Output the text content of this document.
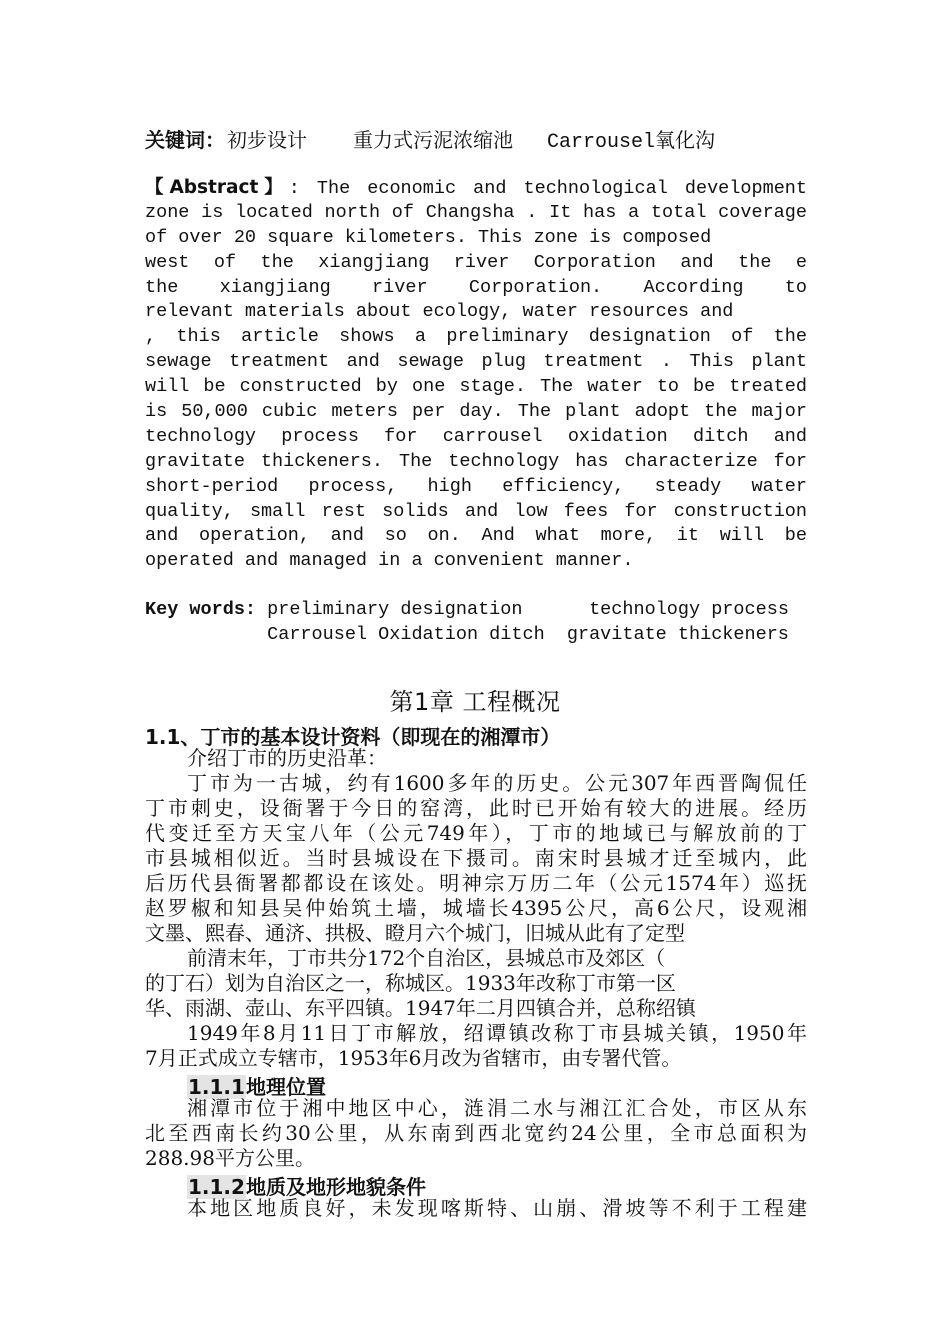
关键词： 初步设计 重力式污泥浓缩池 Carrousel氧化沟
【Abstract】: The economic and technological development
zone is located north of Changsha . It has a total coverage
of over 20 square kilometers. This zone is composed
west of the xiangjiang river Corporation and the e
the xiangjiang river Corporation. According to
relevant materials about ecology, water resources and
, this article shows a preliminary designation of the
sewage treatment and sewage plug treatment . This plant
will be constructed by one stage. The water to be treated
is 50,000 cubic meters per day. The plant adopt the major
technology process for carrousel oxidation ditch and
gravitate thickeners. The technology has characterize for
short-period process, high efficiency, steady water
quality, small rest solids and low fees for construction
and operation, and so on. And what more, it will be
operated and managed in a convenient manner.
Key words: preliminary designation      technology process
Carrousel Oxidation ditch  gravitate thickeners
第1章 工程概况
1.1、丁市的基本设计资料（即现在的湘潭市）
介绍丁市的历史沿革：
丁市为一古城，约有1600多年的历史。公元307年西晋陶侃任
丁市刺史，设衙署于今日的窑湾，此时已开始有较大的进展。经历
代变迁至方天宝八年（公元749年），丁市的地域已与解放前的丁
市县城相似近。当时县城设在下摄司。南宋时县城才迁至城内，此
后历代县衙署都都设在该处。明神宗万历二年（公元1574年）巡抚
赵罗椒和知县吴仲始筑土墙，城墙长4395公尺，高6公尺，设观湘
文墨、熙春、通济、拱极、瞪月六个城门，旧城从此有了定型
前清末年，丁市共分172个自治区，县城总市及郊区（
的丁石）划为自治区之一，称城区。1933年改称丁市第一区
华、雨湖、壶山、东平四镇。1947年二月四镇合并，总称绍镇
1949年8月11日丁市解放，绍谭镇改称丁市县城关镇，1950年
7月正式成立专辖市，1953年6月改为省辖市，由专署代管。
1.1.1地理位置
湘潭市位于湘中地区中心，涟涓二水与湘江汇合处，市区从东
北至西南长约30公里，从东南到西北宽约24公里，全市总面积为
288.98平方公里。
1.1.2地质及地形地貌条件
本地区地质良好，未发现喀斯特、山崩、滑坡等不利于工程建
